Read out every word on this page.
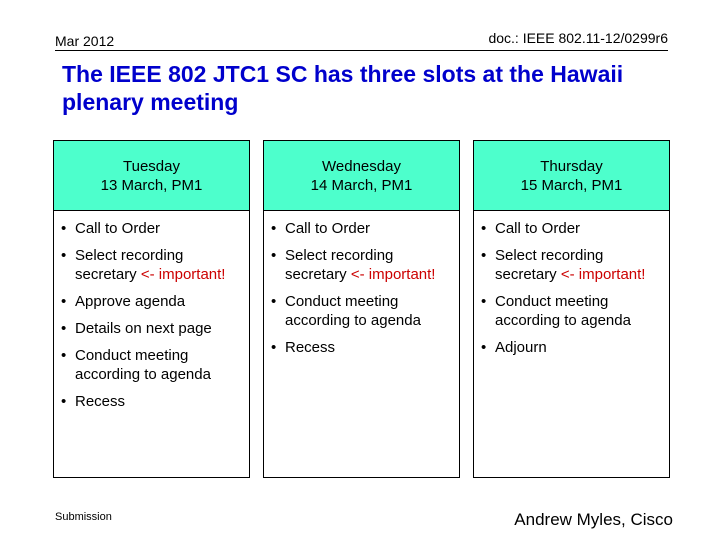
Mar 2012	doc.: IEEE 802.11-12/0299r6
The IEEE 802 JTC1 SC has three slots at the Hawaii plenary meeting
Tuesday
13 March, PM1
• Call to Order
• Select recording secretary <- important!
• Approve agenda
• Details on next page
• Conduct meeting according to agenda
• Recess
Wednesday
14 March, PM1
• Call to Order
• Select recording secretary <- important!
• Conduct meeting according to agenda
• Recess
Thursday
15 March, PM1
• Call to Order
• Select recording secretary <- important!
• Conduct meeting according to agenda
• Adjourn
Submission	Andrew Myles, Cisco
